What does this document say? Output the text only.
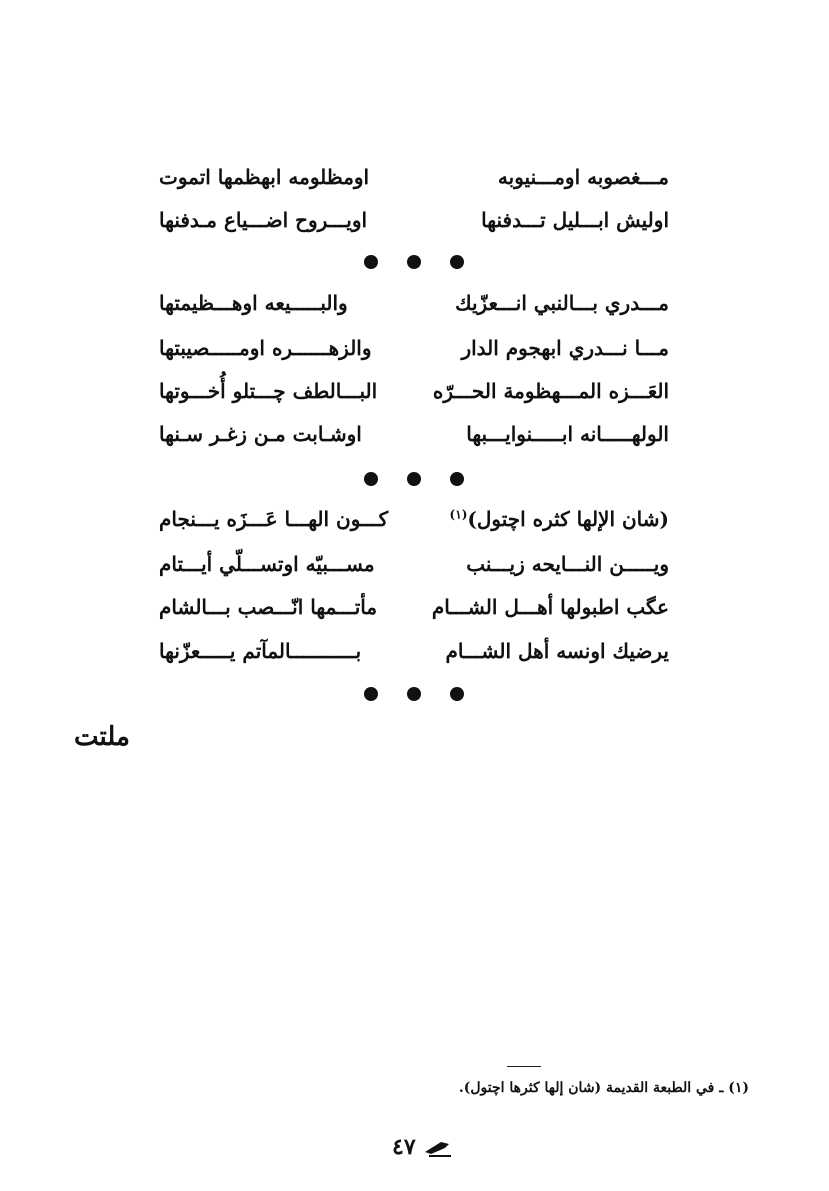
مـــغصوبه اومـــنيوبه
اومظلومه ابهظمها اتموت
اوليش ابـــليل تـــدفنها
اويـــروح اضـــياع مـدفنها
مـــدري بـــالنبي انـــعزّيك
والبـــــيعه اوهـــظيمتها
مـــا نـــدري ابهجوم الدار
والزهــــــره اومـــــصيبتها
العَـــزه المـــهظومة الحـــرّه
البـــالطف چـــتلو أُخـــوتها
الولهـــــانه ابـــــنوايـــبها
اوشـابت مـن زغـر سـنها
(شان الإلها كثره اچتول)$^{(١)}$
كـــون الهـــا عَـــزَه يـــنجام
ويـــــن النـــايحه زيـــنب
مســـبيّه اوتســـلّي أيـــتام
عگب اطبولها أهـــل الشـــام
مأتـــمها انّـــصب بـــالشام
يرضيك اونسه أهل الشـــام
بـــــــــــالمآتم يـــــعزّنها
ملتت
(١) ـ في الطبعة القديمة (شان إلها كثرها اچتول).
٤٧
